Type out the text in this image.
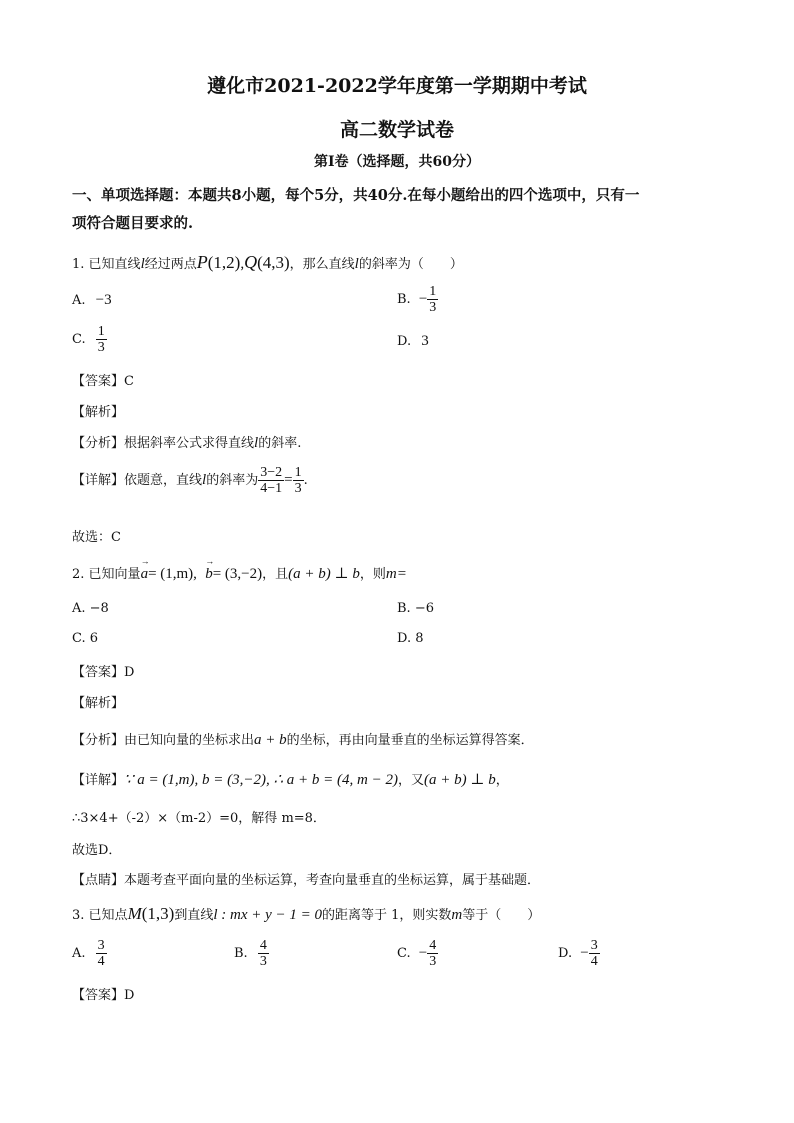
遵化市2021-2022学年度第一学期期中考试
高二数学试卷
第Ⅰ卷（选择题，共60分）
一、单项选择题：本题共8小题，每个5分，共40分.在每小题给出的四个选项中，只有一
项符合题目要求的.
1. 已知直线l经过两点P(1,2),Q(4,3)，那么直线l的斜率为（　　）
A. −3	B. − $\frac{1}{3}$
C. $\frac{1}{3}$	D. 3
【答案】C
【解析】
【分析】根据斜率公式求得直线l的斜率.
【详解】依题意，直线l的斜率为 $\frac{3-2}{4-1} = \frac{1}{3}$ .
故选：C
2. 已知向量→ a= (1,m),  → b= (3,−2)，且(a + b) ⊥ b，则m=
A. −8	B. −6
C. 6	D. 8
【答案】D
【解析】
【分析】由已知向量的坐标求出a + b的坐标，再由向量垂直的坐标运算得答案．
【详解】∵ a = (1,m), b = (3,−2), ∴ a + b = (4, m − 2)，又(a + b) ⊥ b，
∴3×4+（-2）×（m-2）=0，解得 m=8．
故选D．
【点睛】本题考查平面向量的坐标运算，考查向量垂直的坐标运算，属于基础题．
3. 已知点M(1,3)到直线l : mx + y − 1 = 0的距离等于 1，则实数m等于（　　）
A. $\frac{3}{4}$	B. $\frac{4}{3}$	C. − $\frac{4}{3}$	D. − $\frac{3}{4}$
【答案】D
